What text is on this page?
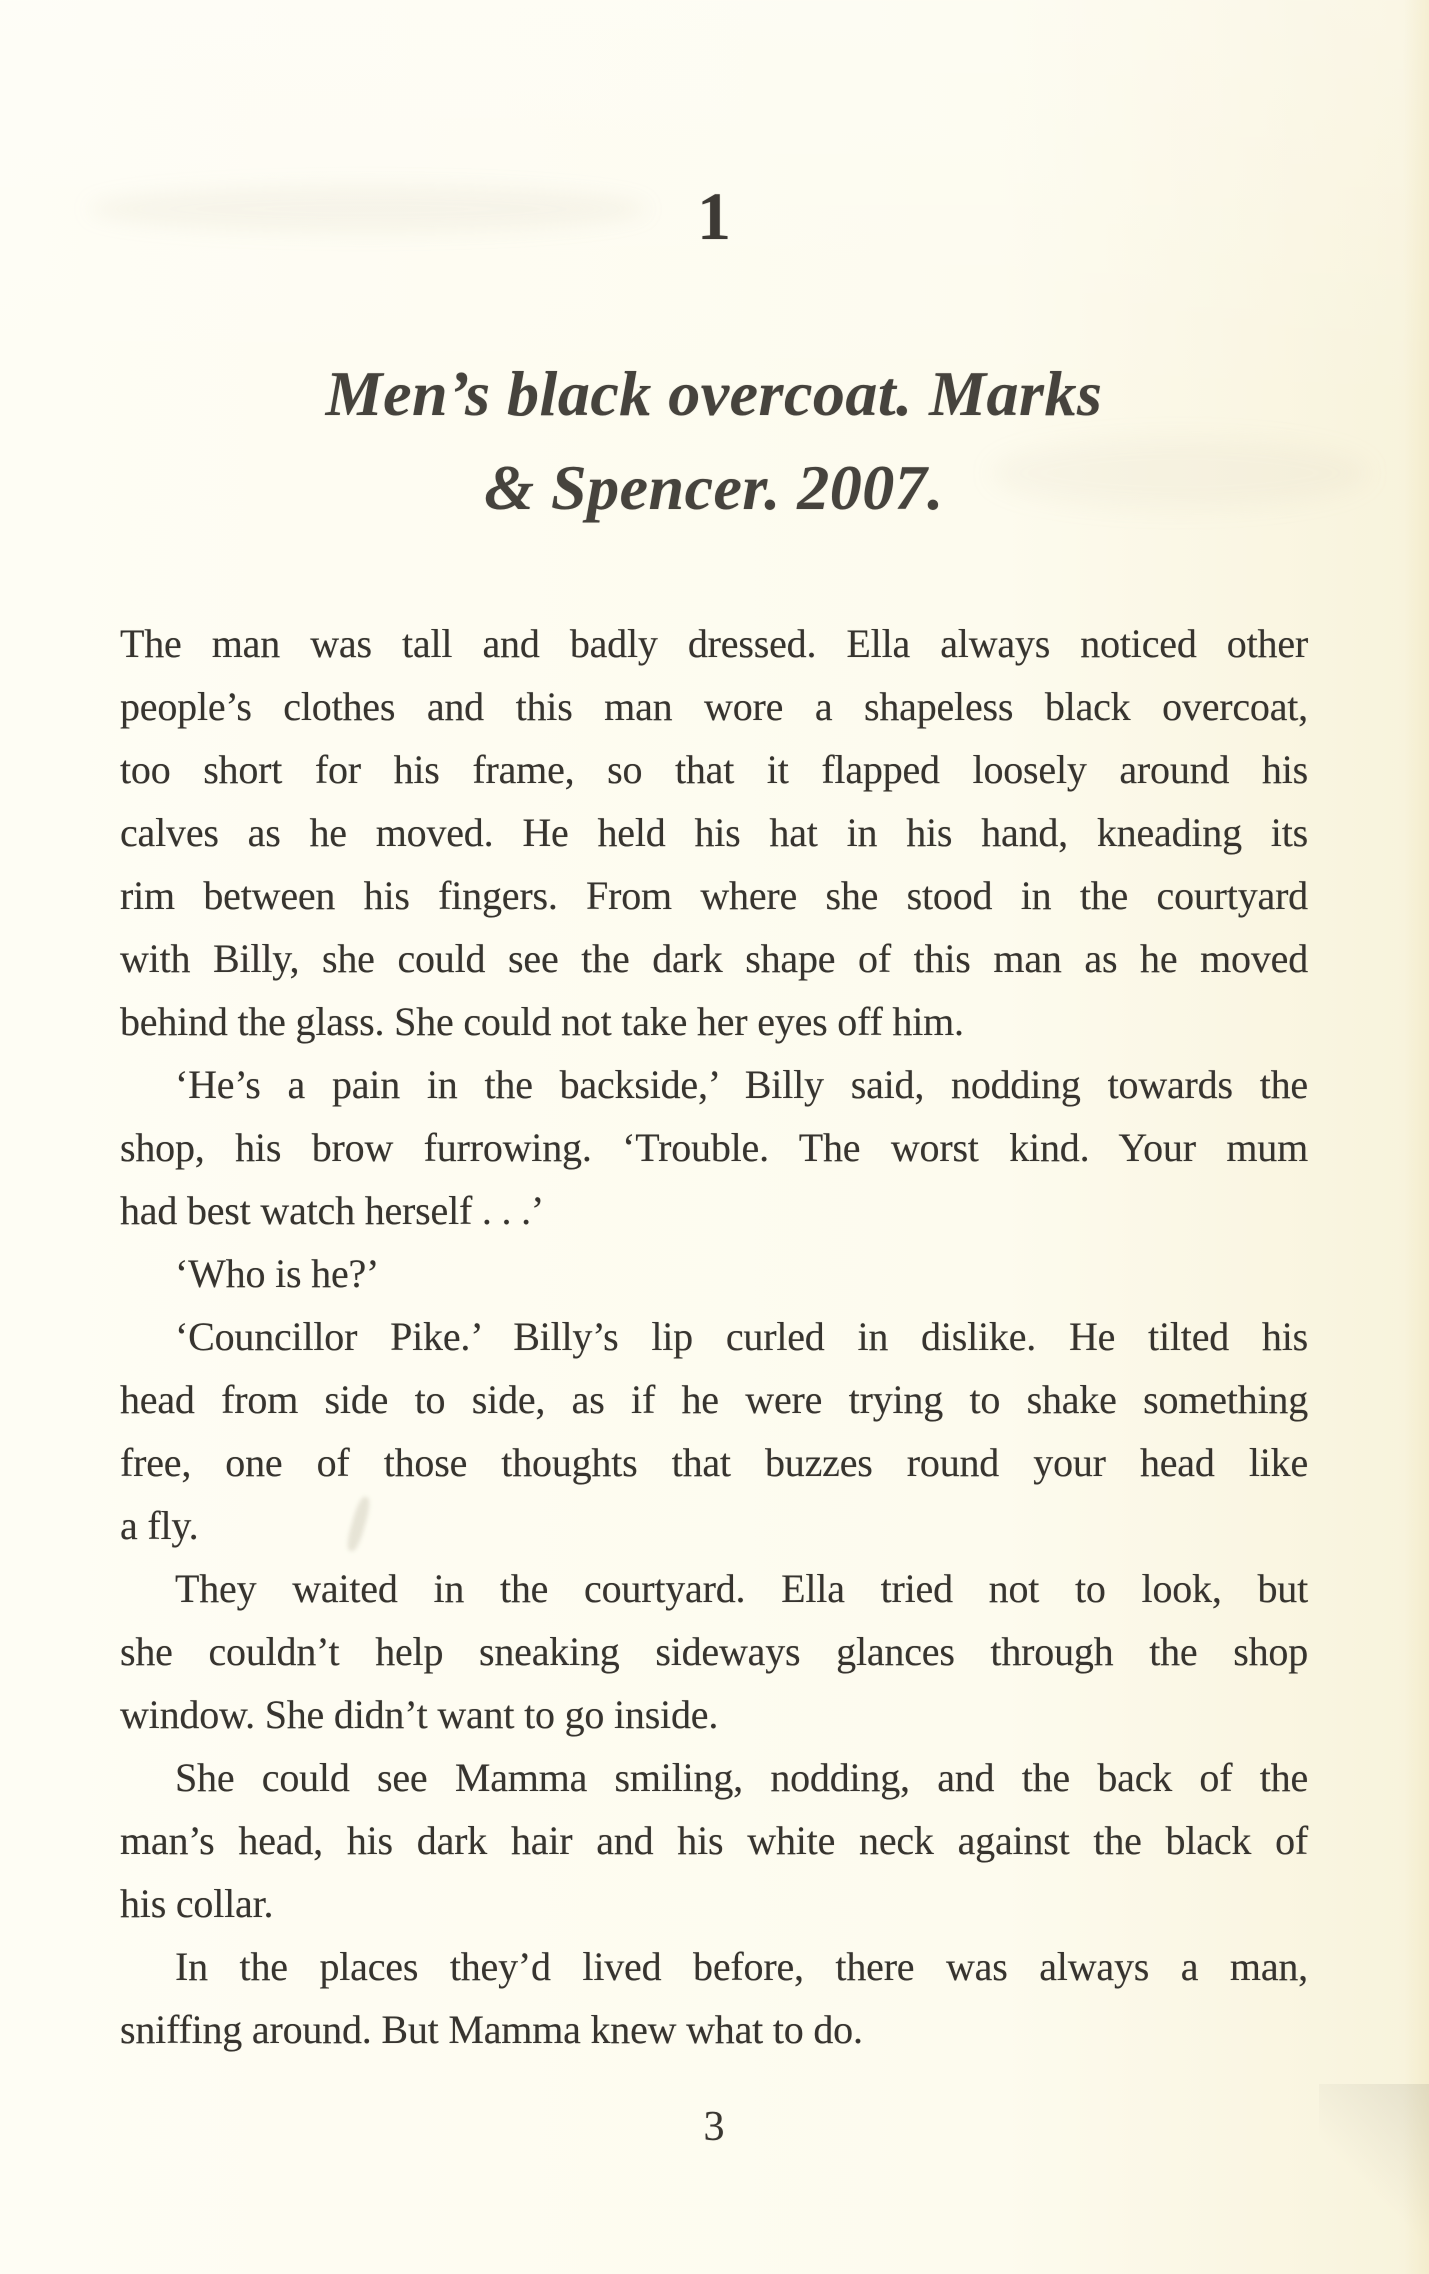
1
Men’s black overcoat. Marks
& Spencer. 2007.
The man was tall and badly dressed. Ella always noticed other
people’s clothes and this man wore a shapeless black overcoat,
too short for his frame, so that it flapped loosely around his
calves as he moved. He held his hat in his hand, kneading its
rim between his fingers. From where she stood in the courtyard
with Billy, she could see the dark shape of this man as he moved
behind the glass. She could not take her eyes off him.
‘He’s a pain in the backside,’ Billy said, nodding towards the
shop, his brow furrowing. ‘Trouble. The worst kind. Your mum
had best watch herself . . .’
‘Who is he?’
‘Councillor Pike.’ Billy’s lip curled in dislike. He tilted his
head from side to side, as if he were trying to shake something
free, one of those thoughts that buzzes round your head like
a fly.
They waited in the courtyard. Ella tried not to look, but
she couldn’t help sneaking sideways glances through the shop
window. She didn’t want to go inside.
She could see Mamma smiling, nodding, and the back of the
man’s head, his dark hair and his white neck against the black of
his collar.
In the places they’d lived before, there was always a man,
sniffing around. But Mamma knew what to do.
3
